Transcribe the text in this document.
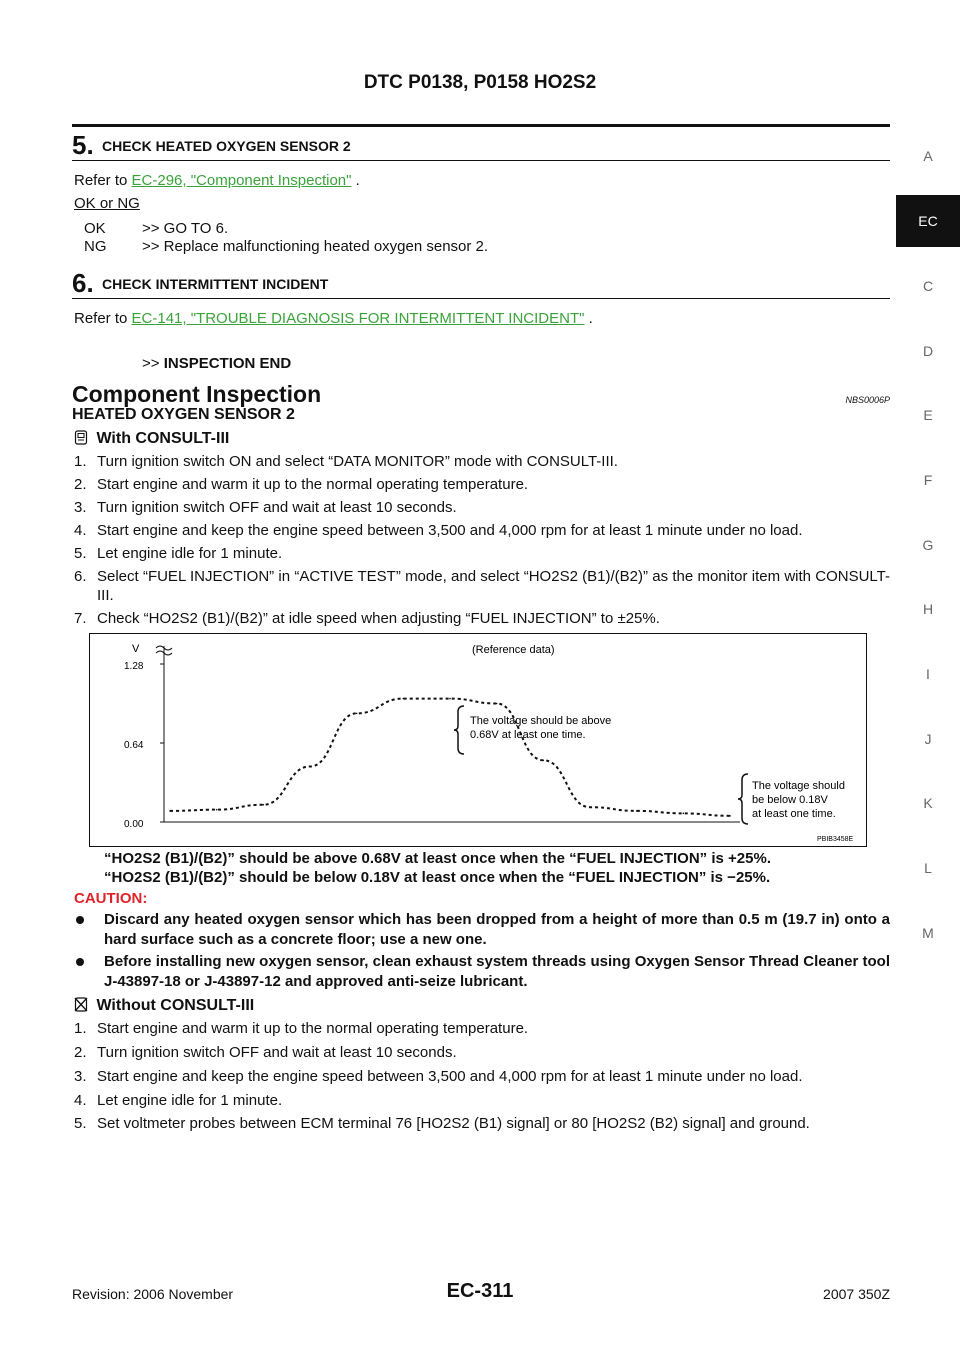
DTC P0138, P0158 HO2S2
A
EC
C
D
E
F
G
H
I
J
K
L
M
5. CHECK HEATED OXYGEN SENSOR 2
Refer to EC-296, "Component Inspection" .
OK or NG
OK >> GO TO 6.
NG >> Replace malfunctioning heated oxygen sensor 2.
6. CHECK INTERMITTENT INCIDENT
Refer to EC-141, "TROUBLE DIAGNOSIS FOR INTERMITTENT INCIDENT" .
>> INSPECTION END
Component Inspection	NBS0006P
HEATED OXYGEN SENSOR 2
With CONSULT-III
1. Turn ignition switch ON and select “DATA MONITOR” mode with CONSULT-III.
2. Start engine and warm it up to the normal operating temperature.
3. Turn ignition switch OFF and wait at least 10 seconds.
4. Start engine and keep the engine speed between 3,500 and 4,000 rpm for at least 1 minute under no load.
5. Let engine idle for 1 minute.
6. Select “FUEL INJECTION” in “ACTIVE TEST” mode, and select “HO2S2 (B1)/(B2)” as the monitor item with CONSULT-III.
7. Check “HO2S2 (B1)/(B2)” at idle speed when adjusting “FUEL INJECTION” to ±25%.
V	(Reference data)
1.28
0.64
0.00
The voltage should be above 0.68V at least one time.
The voltage should be below 0.18V at least one time.
PBIB3458E
“HO2S2 (B1)/(B2)” should be above 0.68V at least once when the “FUEL INJECTION” is +25%.
“HO2S2 (B1)/(B2)” should be below 0.18V at least once when the “FUEL INJECTION” is −25%.
CAUTION:
Discard any heated oxygen sensor which has been dropped from a height of more than 0.5 m (19.7 in) onto a hard surface such as a concrete floor; use a new one.
Before installing new oxygen sensor, clean exhaust system threads using Oxygen Sensor Thread Cleaner tool J-43897-18 or J-43897-12 and approved anti-seize lubricant.
Without CONSULT-III
1. Start engine and warm it up to the normal operating temperature.
2. Turn ignition switch OFF and wait at least 10 seconds.
3. Start engine and keep the engine speed between 3,500 and 4,000 rpm for at least 1 minute under no load.
4. Let engine idle for 1 minute.
5. Set voltmeter probes between ECM terminal 76 [HO2S2 (B1) signal] or 80 [HO2S2 (B2) signal] and ground.
Revision: 2006 November	EC-311	2007 350Z
